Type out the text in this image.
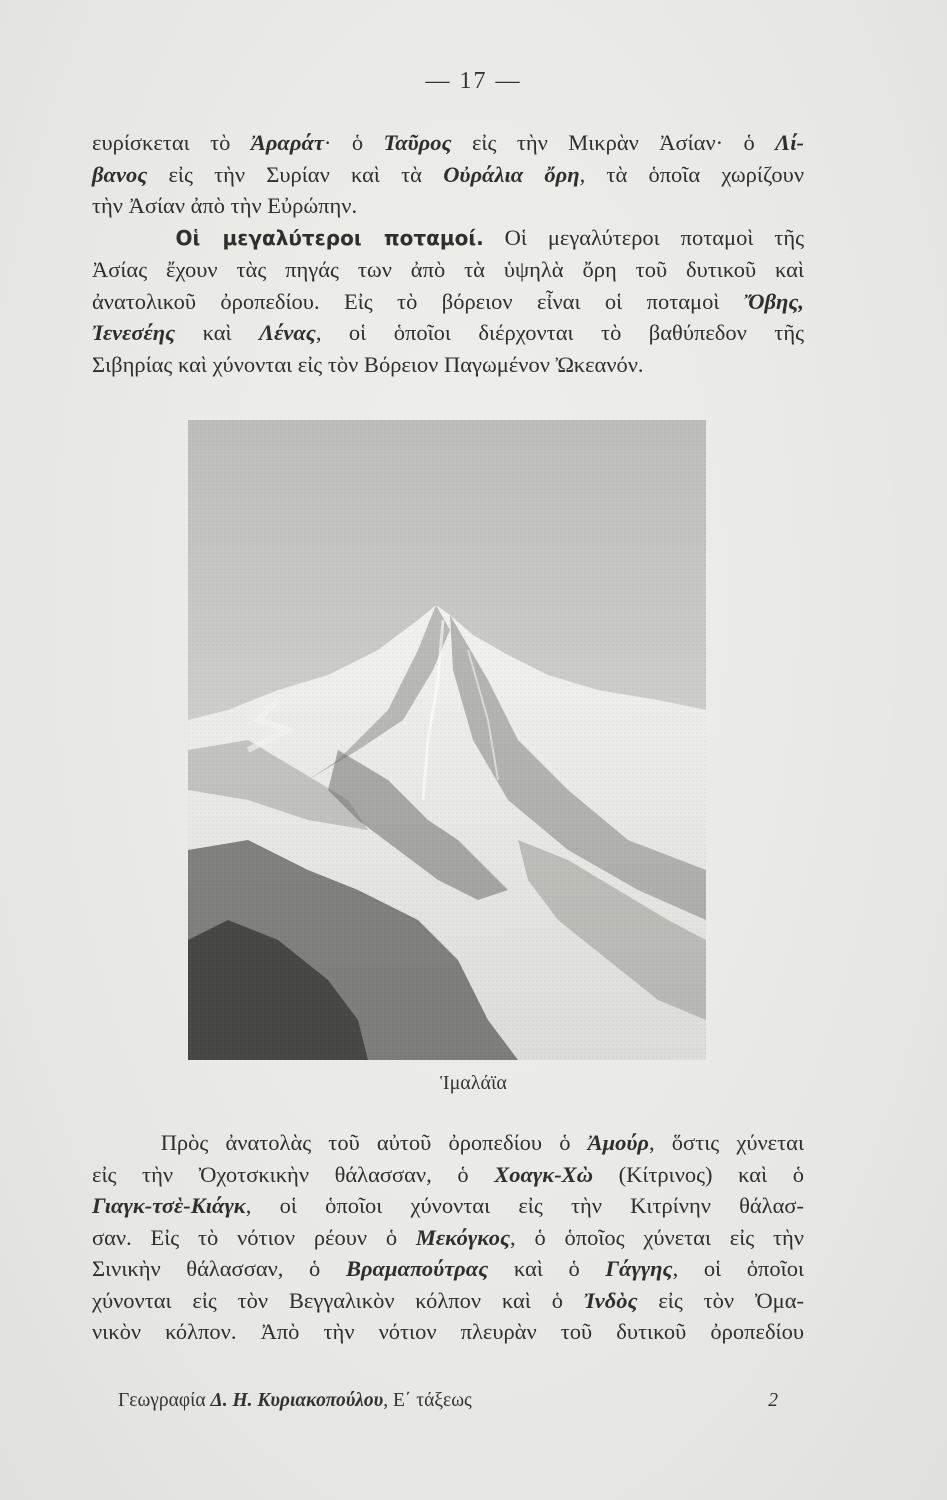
— 17 —
ευρίσκεται τὸ Ἀραράτ· ὁ Ταῦρος εἰς τὴν Μικρὰν Ἀσίαν· ὁ Λί-
βανος εἰς τὴν Συρίαν καὶ τὰ Οὐράλια ὄρη, τὰ ὁποῖα χωρίζουν
τὴν Ἀσίαν ἀπὸ τὴν Εὐρώπην.
Οἱ μεγαλύτεροι ποταμοί. Οἱ μεγαλύτεροι ποταμοὶ τῆς
Ἀσίας ἔχουν τὰς πηγάς των ἀπὸ τὰ ὑψηλὰ ὄρη τοῦ δυτικοῦ καὶ
ἀνατολικοῦ ὀροπεδίου. Εἰς τὸ βόρειον εἶναι οἱ ποταμοὶ Ὄβης,
Ἰενεσέης καὶ Λένας, οἱ ὁποῖοι διέρχονται τὸ βαθύπεδον τῆς
Σιβηρίας καὶ χύνονται εἰς τὸν Βόρειον Παγωμένον Ὠκεανόν.
Ἱμαλάϊα
Πρὸς ἀνατολὰς τοῦ αὐτοῦ ὀροπεδίου ὁ Ἀμούρ, ὅστις χύνεται
εἰς τὴν Ὀχοτσκικὴν θάλασσαν, ὁ Χοαγκ-Χὼ (Κίτρινος) καὶ ὁ
Γιαγκ-τσὲ-Κιάγκ, οἱ ὁποῖοι χύνονται εἰς τὴν Κιτρίνην θάλασ-
σαν. Εἰς τὸ νότιον ρέουν ὁ Μεκόγκος, ὁ ὁποῖος χύνεται εἰς τὴν
Σινικὴν θάλασσαν, ὁ Βραμαπούτρας καὶ ὁ Γάγγης, οἱ ὁποῖοι
χύνονται εἰς τὸν Βεγγαλικὸν κόλπον καὶ ὁ Ἰνδὸς εἰς τὸν Ὀμα-
νικὸν κόλπον. Ἀπὸ τὴν νότιον πλευρὰν τοῦ δυτικοῦ ὀροπεδίου
Γεωγραφία Δ. Η. Κυριακοπούλου, Ε΄ τάξεως	2
